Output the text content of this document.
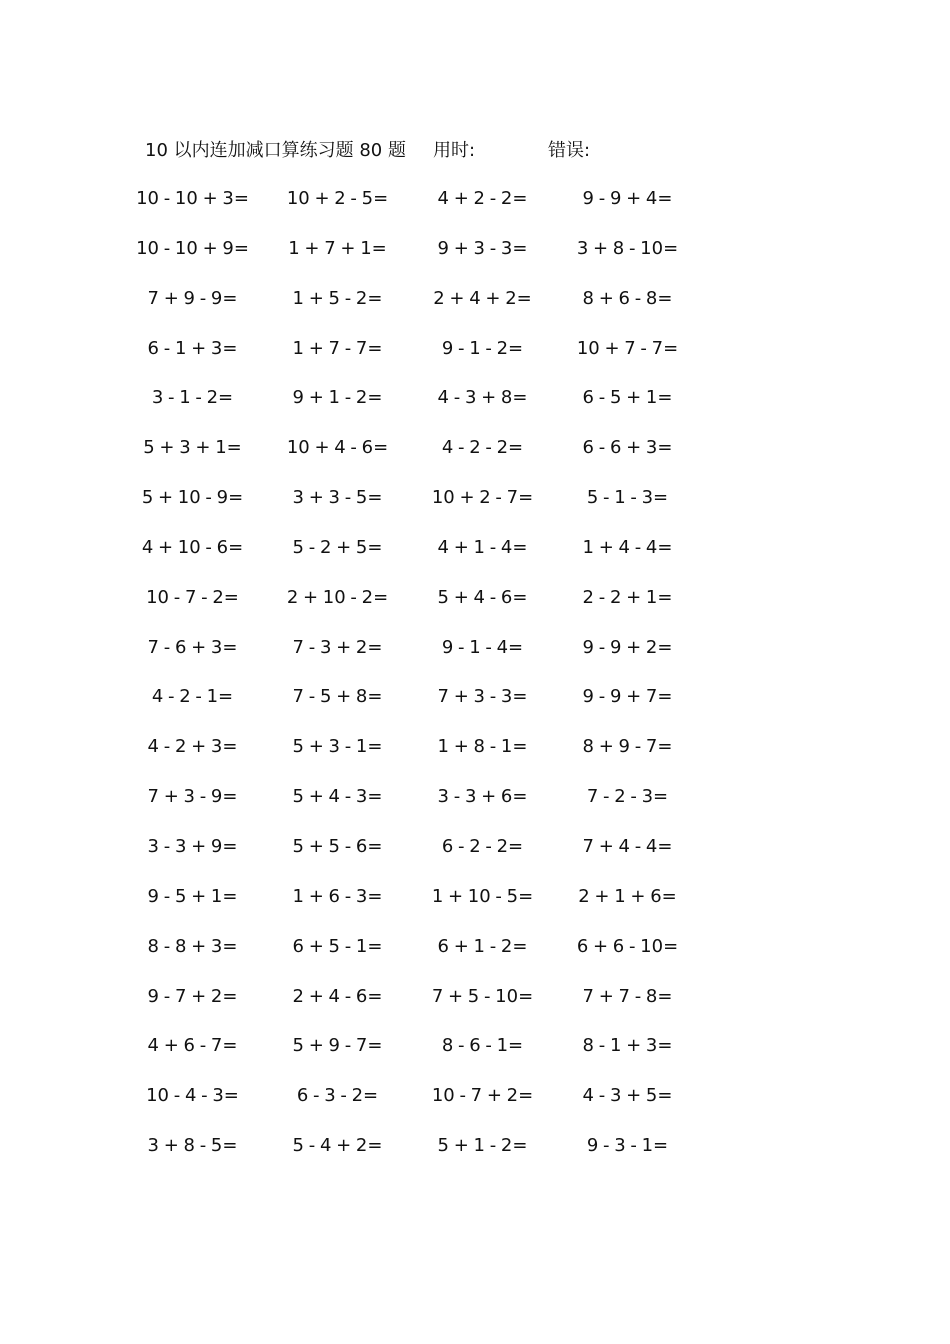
10 以内连加减口算练习题 80 题 用时:	错误:
10 - 10 + 3=	10 + 2 - 5=	4 + 2 - 2=	9 - 9 + 4=
10 - 10 + 9=	1 + 7 + 1=	9 + 3 - 3=	3 + 8 - 10=
7 + 9 - 9=	1 + 5 - 2=	2 + 4 + 2=	8 + 6 - 8=
6 - 1 + 3=	1 + 7 - 7=	9 - 1 - 2=	10 + 7 - 7=
3 - 1 - 2=	9 + 1 - 2=	4 - 3 + 8=	6 - 5 + 1=
5 + 3 + 1=	10 + 4 - 6=	4 - 2 - 2=	6 - 6 + 3=
5 + 10 - 9=	3 + 3 - 5=	10 + 2 - 7=	5 - 1 - 3=
4 + 10 - 6=	5 - 2 + 5=	4 + 1 - 4=	1 + 4 - 4=
10 - 7 - 2=	2 + 10 - 2=	5 + 4 - 6=	2 - 2 + 1=
7 - 6 + 3=	7 - 3 + 2=	9 - 1 - 4=	9 - 9 + 2=
4 - 2 - 1=	7 - 5 + 8=	7 + 3 - 3=	9 - 9 + 7=
4 - 2 + 3=	5 + 3 - 1=	1 + 8 - 1=	8 + 9 - 7=
7 + 3 - 9=	5 + 4 - 3=	3 - 3 + 6=	7 - 2 - 3=
3 - 3 + 9=	5 + 5 - 6=	6 - 2 - 2=	7 + 4 - 4=
9 - 5 + 1=	1 + 6 - 3=	1 + 10 - 5=	2 + 1 + 6=
8 - 8 + 3=	6 + 5 - 1=	6 + 1 - 2=	6 + 6 - 10=
9 - 7 + 2=	2 + 4 - 6=	7 + 5 - 10=	7 + 7 - 8=
4 + 6 - 7=	5 + 9 - 7=	8 - 6 - 1=	8 - 1 + 3=
10 - 4 - 3=	6 - 3 - 2=	10 - 7 + 2=	4 - 3 + 5=
3 + 8 - 5=	5 - 4 + 2=	5 + 1 - 2=	9 - 3 - 1=
